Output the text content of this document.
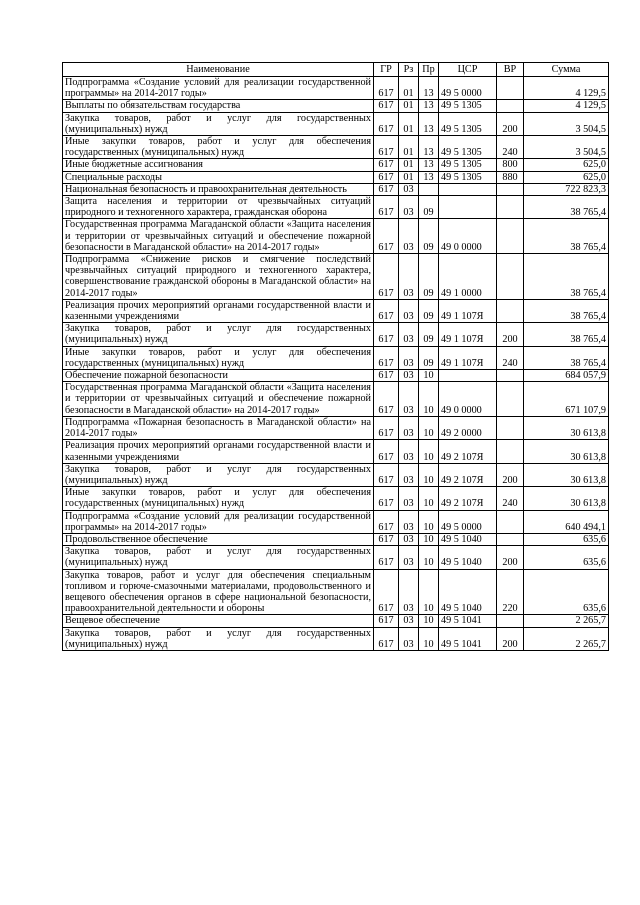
Наименование	ГР	Рз	Пр	ЦСР	ВР	Сумма
Подпрограмма «Создание условий для реализации государственной программы» на 2014-2017 годы»	617	01	13	49 5 0000		4 129,5
Выплаты по обязательствам государства	617	01	13	49 5 1305		4 129,5
Закупка товаров, работ и услуг для государственных (муниципальных) нужд	617	01	13	49 5 1305	200	3 504,5
Иные закупки товаров, работ и услуг для обеспечения государственных (муниципальных) нужд	617	01	13	49 5 1305	240	3 504,5
Иные бюджетные ассигнования	617	01	13	49 5 1305	800	625,0
Специальные расходы	617	01	13	49 5 1305	880	625,0
Национальная безопасность и правоохранительная деятельность	617	03				722 823,3
Защита населения и территории от чрезвычайных ситуаций природного и техногенного характера, гражданская оборона	617	03	09			38 765,4
Государственная программа Магаданской области «Защита населения и территории от чрезвычайных ситуаций и обеспечение пожарной безопасности в Магаданской области» на 2014-2017 годы»	617	03	09	49 0 0000		38 765,4
Подпрограмма «Снижение рисков и смягчение последствий чрезвычайных ситуаций природного и техногенного характера, совершенствование гражданской обороны в Магаданской области» на 2014-2017 годы»	617	03	09	49 1 0000		38 765,4
Реализация прочих мероприятий органами государственной власти и казенными учреждениями	617	03	09	49 1 107Я		38 765,4
Закупка товаров, работ и услуг для государственных (муниципальных) нужд	617	03	09	49 1 107Я	200	38 765,4
Иные закупки товаров, работ и услуг для обеспечения государственных (муниципальных) нужд	617	03	09	49 1 107Я	240	38 765,4
Обеспечение пожарной безопасности	617	03	10			684 057,9
Государственная программа Магаданской области «Защита населения и территории от чрезвычайных ситуаций и обеспечение пожарной безопасности в Магаданской области» на 2014-2017 годы»	617	03	10	49 0 0000		671 107,9
Подпрограмма «Пожарная безопасность в Магаданской области» на 2014-2017 годы»	617	03	10	49 2 0000		30 613,8
Реализация прочих мероприятий органами государственной власти и казенными учреждениями	617	03	10	49 2 107Я		30 613,8
Закупка товаров, работ и услуг для государственных (муниципальных) нужд	617	03	10	49 2 107Я	200	30 613,8
Иные закупки товаров, работ и услуг для обеспечения государственных (муниципальных) нужд	617	03	10	49 2 107Я	240	30 613,8
Подпрограмма «Создание условий для реализации государственной программы» на 2014-2017 годы»	617	03	10	49 5 0000		640 494,1
Продовольственное обеспечение	617	03	10	49 5 1040		635,6
Закупка товаров, работ и услуг для государственных (муниципальных) нужд	617	03	10	49 5 1040	200	635,6
Закупка товаров, работ и услуг для обеспечения специальным топливом и горюче-смазочными материалами, продовольственного и вещевого обеспечения органов в сфере национальной безопасности, правоохранительной деятельности и обороны	617	03	10	49 5 1040	220	635,6
Вещевое обеспечение	617	03	10	49 5 1041		2 265,7
Закупка товаров, работ и услуг для государственных (муниципальных) нужд	617	03	10	49 5 1041	200	2 265,7
